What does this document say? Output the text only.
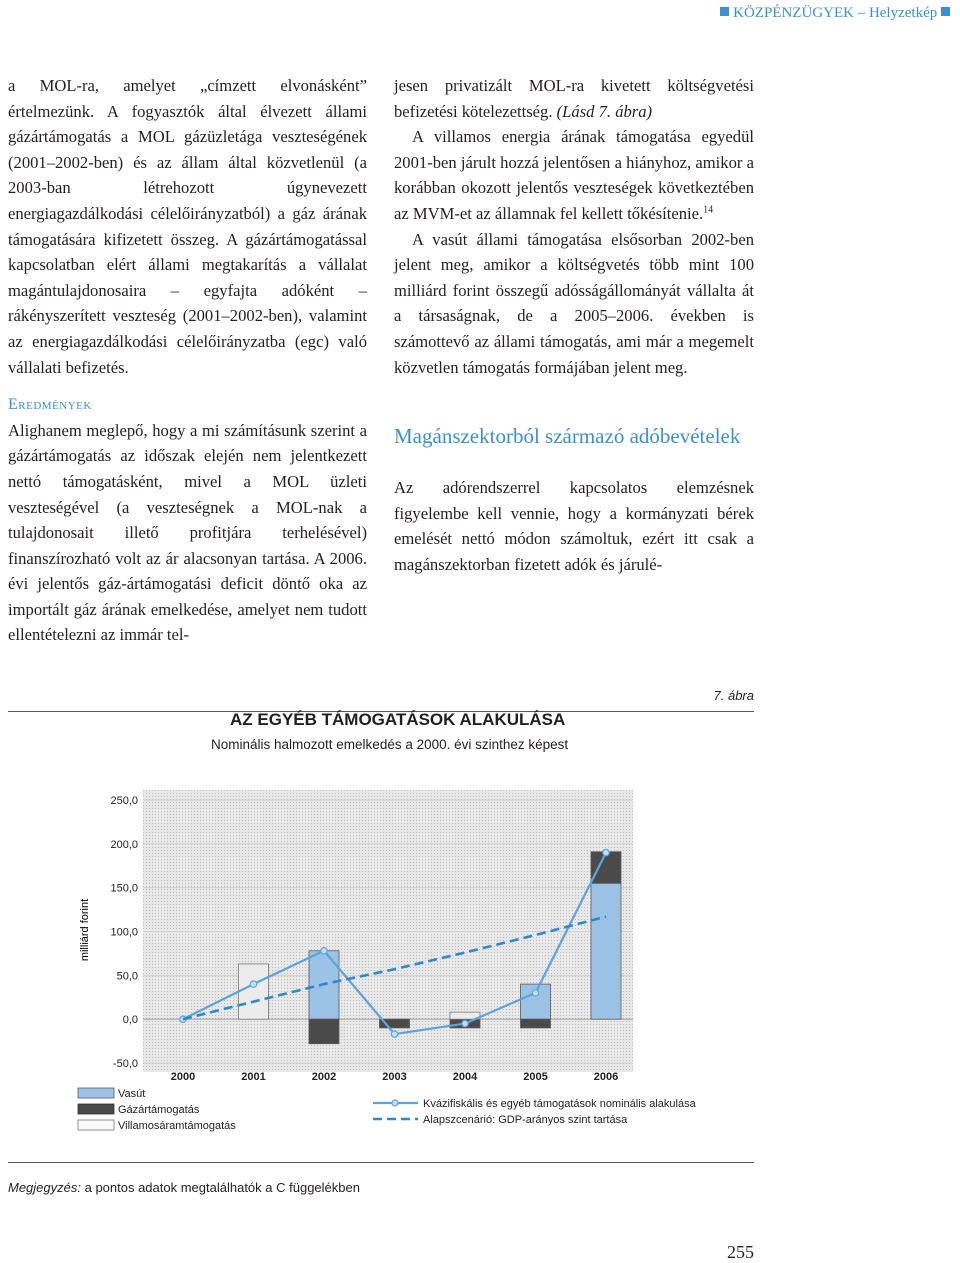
KÖZPÉNZÜGYEK – Helyzetkép

a MOL-ra, amelyet „címzett elvonásként” értelmezünk. A fogyasztók által élvezett állami gázártámogatás a MOL gázüzletága veszteségének (2001–2002-ben) és az állam által közvetlenül (a 2003-ban létrehozott úgynevezett energiagazdálkodási célelőirányzatból) a gáz árának támogatására kifizetett összeg. A gázártámogatással kapcsolatban elért állami megtakarítás a vállalat magántulajdonosaira – egyfajta adóként – rákényszerített veszteség (2001–2002-ben), valamint az energiagazdálkodási célelőirányzatba (egc) való vállalati befizetés.

Eredmények

Alighanem meglepő, hogy a mi számításunk szerint a gázártámogatás az időszak elején nem jelentkezett nettó támogatásként, mivel a MOL üzleti veszteségével (a veszteségnek a MOL-nak a tulajdonosait illető profitjára terhelésével) finanszírozható volt az ár alacsonyan tartása. A 2006. évi jelentős gáz-ártámogatási deficit döntő oka az importált gáz árának emelkedése, amelyet nem tudott ellentételezni az immár tel-

jesen privatizált MOL-ra kivetett költségvetési befizetési kötelezettség. (Lásd 7. ábra)

A villamos energia árának támogatása egyedül 2001-ben járult hozzá jelentősen a hiányhoz, amikor a korábban okozott jelentős veszteségek következtében az MVM-et az államnak fel kellett tőkésítenie.$^{14}$

A vasút állami támogatása elsősorban 2002-ben jelent meg, amikor a költségvetés több mint 100 milliárd forint összegű adósságállományát vállalta át a társaságnak, de a 2005–2006. években is számottevő az állami támogatás, ami már a megemelt közvetlen támogatás formájában jelent meg.

Magánszektorból származó adóbevételek

Az adórendszerrel kapcsolatos elemzésnek figyelembe kell vennie, hogy a kormányzati bérek emelését nettó módon számoltuk, ezért itt csak a magánszektorban fizetett adók és járulé-

7. ábra
AZ EGYÉB TÁMOGATÁSOK ALAKULÁSA
Nominális halmozott emelkedés a 2000. évi szinthez képest
250,0
200,0
150,0
100,0
50,0
0,0
-50,0
2000	2001	2002	2003	2004	2005	2006
milliárd forint
Vasút
Gázártámogatás
Villamosáramtámogatás
Kvázifiskális és egyéb támogatások nominális alakulása
Alapszcenárió: GDP-arányos szint tartása
Megjegyzés: a pontos adatok megtalálhatók a C függelékben
255
